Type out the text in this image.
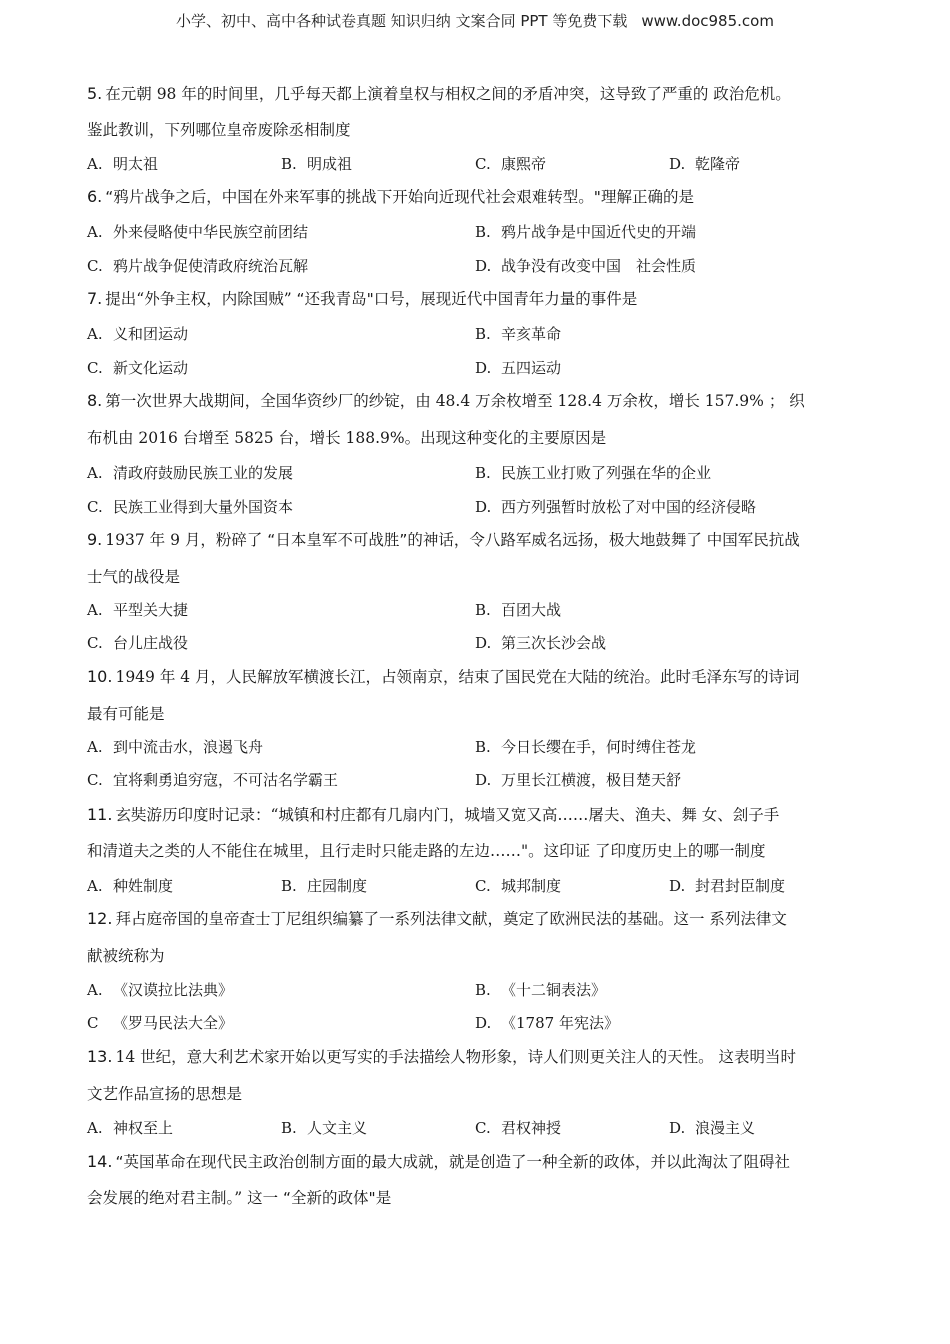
小学、初中、高中各种试卷真题 知识归纳 文案合同 PPT 等免费下载 www.doc985.com
5. 在元朝 98 年的时间里，几乎每天都上演着皇权与相权之间的矛盾冲突，这导致了严重的 政治危机。
鉴此教训，下列哪位皇帝废除丞相制度
A. 明太祖	B. 明成祖	C. 康熙帝	D. 乾隆帝
6. “鸦片战争之后，中国在外来军事的挑战下开始向近现代社会艰难转型。"理解正确的是
A. 外来侵略使中华民族空前团结	B. 鸦片战争是中国近代史的开端
C. 鸦片战争促使清政府统治瓦解	D. 战争没有改变中国　社会性质
7. 提出“外争主权，内除国贼” “还我青岛"口号，展现近代中国青年力量的事件是
A. 义和团运动	B. 辛亥革命
C. 新文化运动	D. 五四运动
8. 第一次世界大战期间，全国华资纱厂的纱锭，由 48.4 万余枚增至 128.4 万余枚，增长 157.9% ； 织
布机由 2016 台增至 5825 台，增长 188.9%。出现这种变化的主要原因是
A. 清政府鼓励民族工业的发展	B. 民族工业打败了列强在华的企业
C. 民族工业得到大量外国资本	D. 西方列强暂时放松了对中国的经济侵略
9. 1937 年 9 月，粉碎了 “日本皇军不可战胜”的神话，令八路军威名远扬，极大地鼓舞了 中国军民抗战
士气的战役是
A. 平型关大捷	B. 百团大战
C. 台儿庄战役	D. 第三次长沙会战
10. 1949 年 4 月，人民解放军横渡长江，占领南京，结束了国民党在大陆的统治。此时毛泽东写的诗词
最有可能是
A. 到中流击水，浪遏飞舟	B. 今日长缨在手，何时缚住苍龙
C. 宜将剩勇追穷寇，不可沽名学霸王	D. 万里长江横渡，极目楚天舒
11. 玄奘游历印度时记录：“城镇和村庄都有几扇内门，城墙又宽又高……屠夫、渔夫、舞 女、刽子手
和清道夫之类的人不能住在城里，且行走时只能走路的左边……"。这印证 了印度历史上的哪一制度
A. 种姓制度	B. 庄园制度	C. 城邦制度	D. 封君封臣制度
12. 拜占庭帝国的皇帝查士丁尼组织编纂了一系列法律文献，奠定了欧洲民法的基础。这一 系列法律文
献被统称为
A. 《汉谟拉比法典》	B. 《十二铜表法》
C 《罗马民法大全》	D. 《1787 年宪法》
13. 14 世纪，意大利艺术家开始以更写实的手法描绘人物形象，诗人们则更关注人的天性。 这表明当时
文艺作品宣扬的思想是
A. 神权至上	B. 人文主义	C. 君权神授	D. 浪漫主义
14. “英国革命在现代民主政治创制方面的最大成就，就是创造了一种全新的政体，并以此淘汰了阻碍社
会发展的绝对君主制。” 这一 “全新的政体"是
